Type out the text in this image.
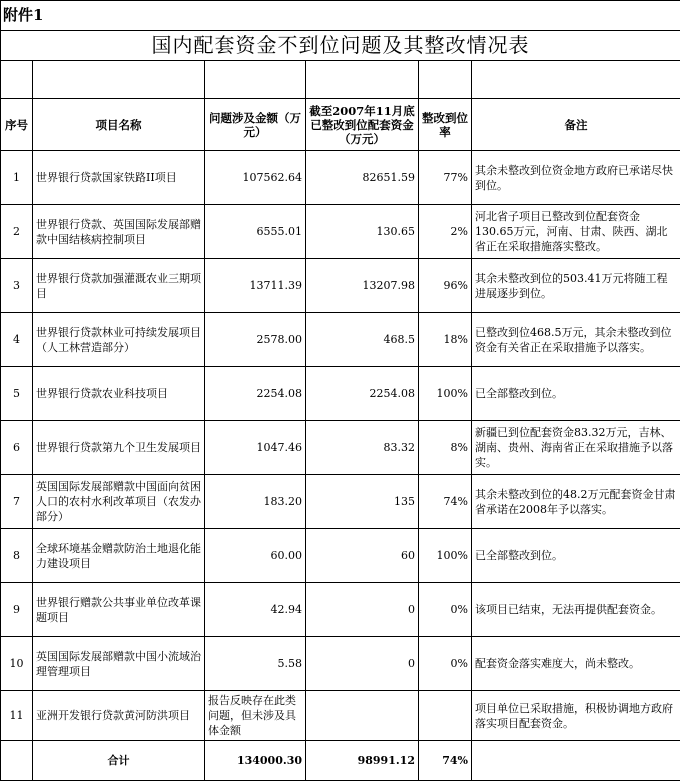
附件1					
国内配套资金不到位问题及其整改情况表					

序号	项目名称	问题涉及金额（万元）	截至2007年11月底已整改到位配套资金（万元）	整改到位率	备注
1	世界银行贷款国家铁路II项目	107562.64	82651.59	77%	其余未整改到位资金地方政府已承诺尽快到位。
2	世界银行贷款、英国国际发展部赠款中国结核病控制项目	6555.01	130.65	2%	河北省子项目已整改到位配套资金130.65万元，河南、甘肃、陕西、湖北省正在采取措施落实整改。
3	世界银行贷款加强灌溉农业三期项目	13711.39	13207.98	96%	其余未整改到位的503.41万元将随工程进展逐步到位。
4	世界银行贷款林业可持续发展项目（人工林营造部分）	2578.00	468.5	18%	已整改到位468.5万元，其余未整改到位资金有关省正在采取措施予以落实。
5	世界银行贷款农业科技项目	2254.08	2254.08	100%	已全部整改到位。
6	世界银行贷款第九个卫生发展项目	1047.46	83.32	8%	新疆已到位配套资金83.32万元，吉林、湖南、贵州、海南省正在采取措施予以落实。
7	英国国际发展部赠款中国面向贫困人口的农村水利改革项目（农发办部分）	183.20	135	74%	其余未整改到位的48.2万元配套资金甘肃省承诺在2008年予以落实。
8	全球环境基金赠款防治土地退化能力建设项目	60.00	60	100%	已全部整改到位。
9	世界银行赠款公共事业单位改革课题项目	42.94	0	0%	该项目已结束，无法再提供配套资金。
10	英国国际发展部赠款中国小流域治理管理项目	5.58	0	0%	配套资金落实难度大，尚未整改。
11	亚洲开发银行贷款黄河防洪项目	报告反映存在此类问题，但未涉及具体金额			项目单位已采取措施，积极协调地方政府落实项目配套资金。
	合计	134000.30	98991.12	74%	
